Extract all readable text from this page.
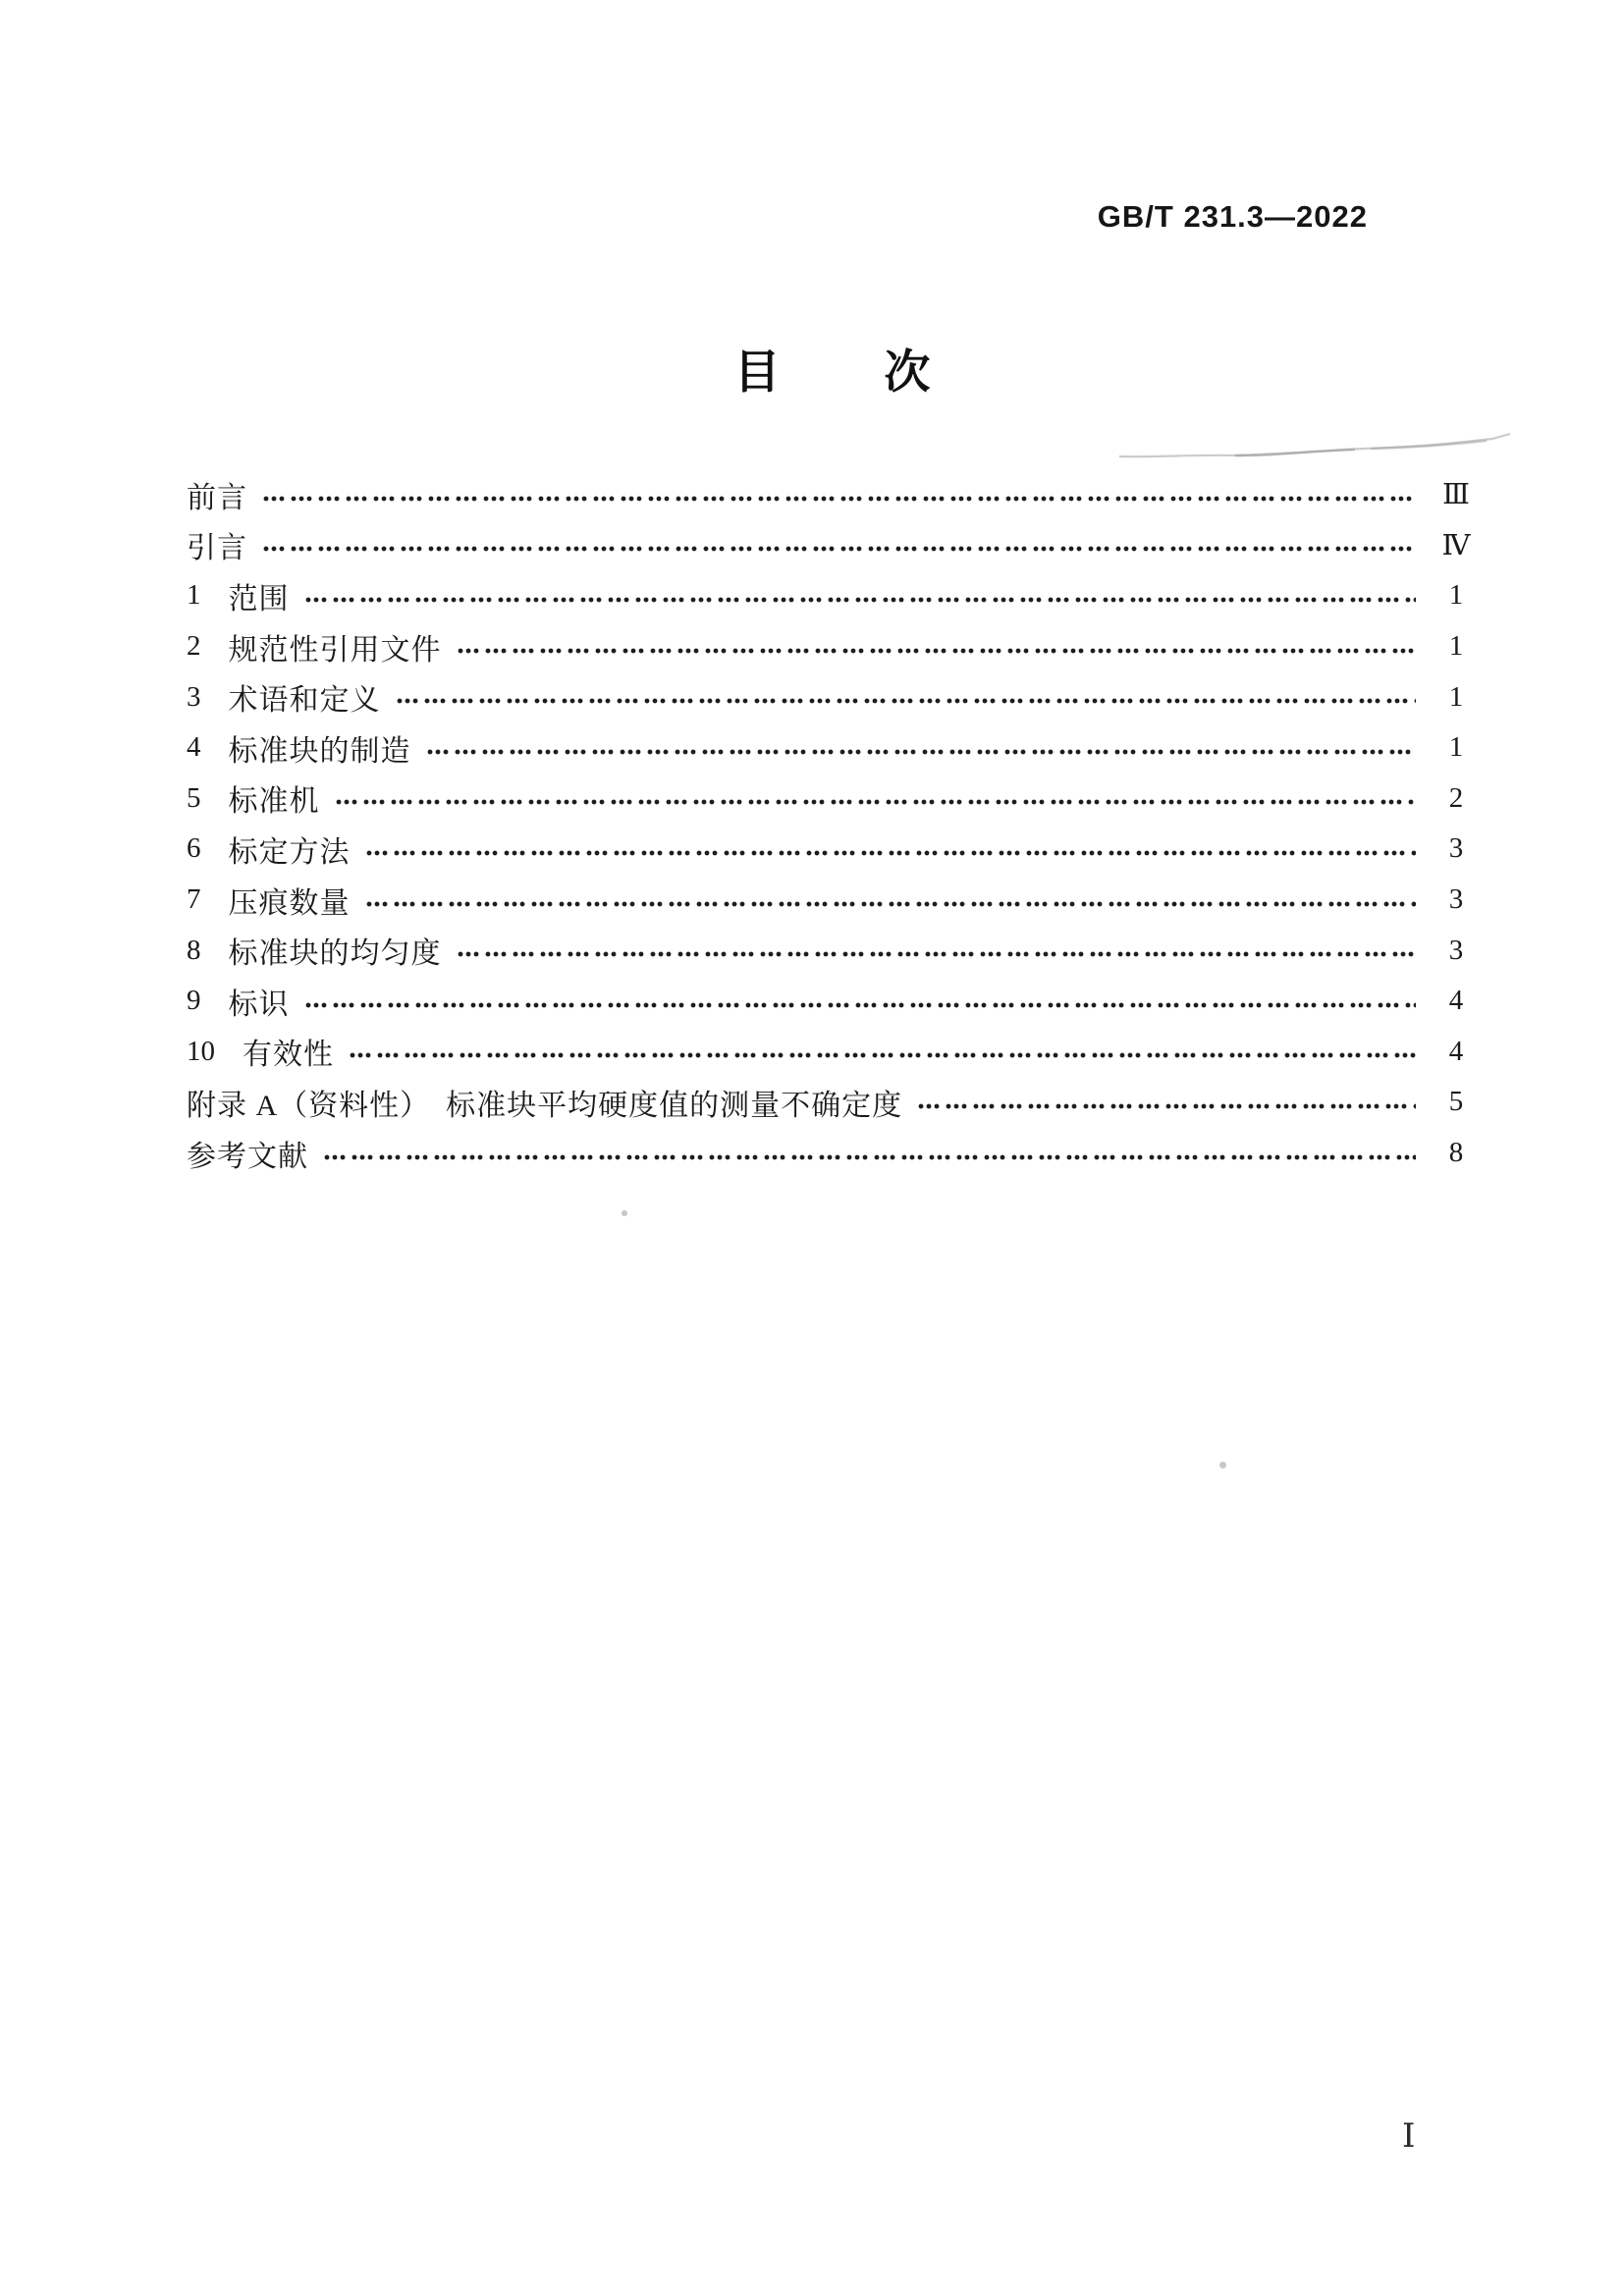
GB/T 231.3—2022
目 次
前言	Ⅲ
引言	Ⅳ
1 范围	1
2 规范性引用文件	1
3 术语和定义	1
4 标准块的制造	1
5 标准机	2
6 标定方法	3
7 压痕数量	3
8 标准块的均匀度	3
9 标识	4
10 有效性	4
附录 A（资料性）　标准块平均硬度值的测量不确定度	5
参考文献	8
Ⅰ
